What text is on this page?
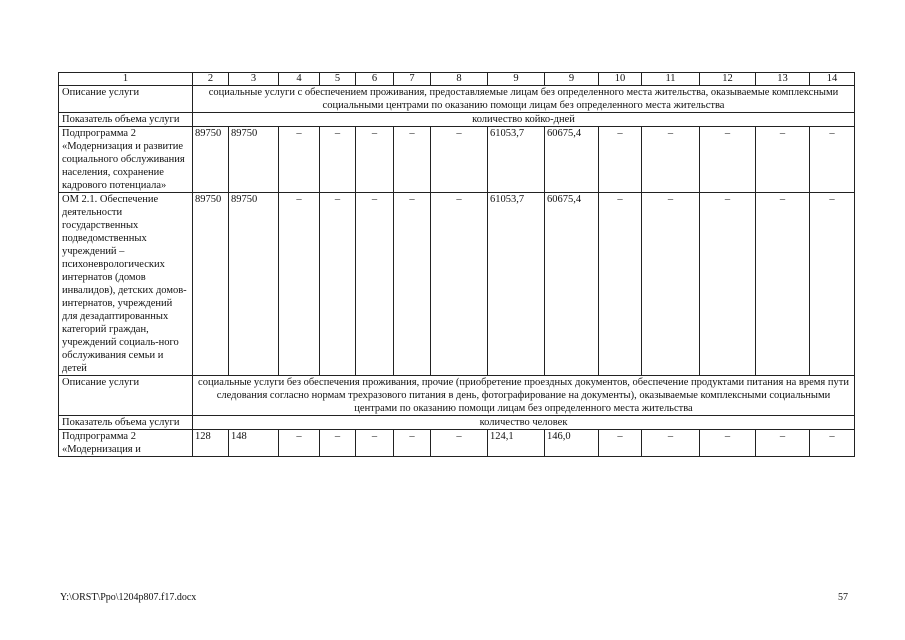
1	2	3	4	5	6	7	8	9	9	10	11	12	13	14
Описание услуги	социальные услуги с обеспечением проживания, предоставляемые лицам без определенного места жительства, оказываемые комплексными социальными центрами по оказанию помощи лицам без определенного места жительства													
Показатель объема услуги	количество койко-дней													
Подпрограмма 2 «Модернизация и развитие социального обслуживания населения, сохранение кадрового потенциала»	89750	89750	–	–	–	–	–	61053,7	60675,4	–	–	–	–	–
ОМ 2.1. Обеспечение деятельности государственных подведомственных учреждений – психоневрологических интернатов (домов инвалидов), детских домов-интернатов, учреждений для дезадаптированных категорий граждан, учреждений социаль-ного обслуживания семьи и детей	89750	89750	–	–	–	–	–	61053,7	60675,4	–	–	–	–	–
Описание услуги	социальные услуги без обеспечения проживания, прочие (приобретение проездных документов, обеспечение продуктами питания на время пути следования согласно нормам трехразового питания в день, фотографирование на документы), оказываемые комплексными социальными центрами по оказанию помощи лицам без определенного места жительства													
Показатель объема услуги	количество человек													
Подпрограмма 2 «Модернизация и	128	148	–	–	–	–	–	124,1	146,0	–	–	–	–	–
Y:\ORST\Ppo\1204p807.f17.docx	57
